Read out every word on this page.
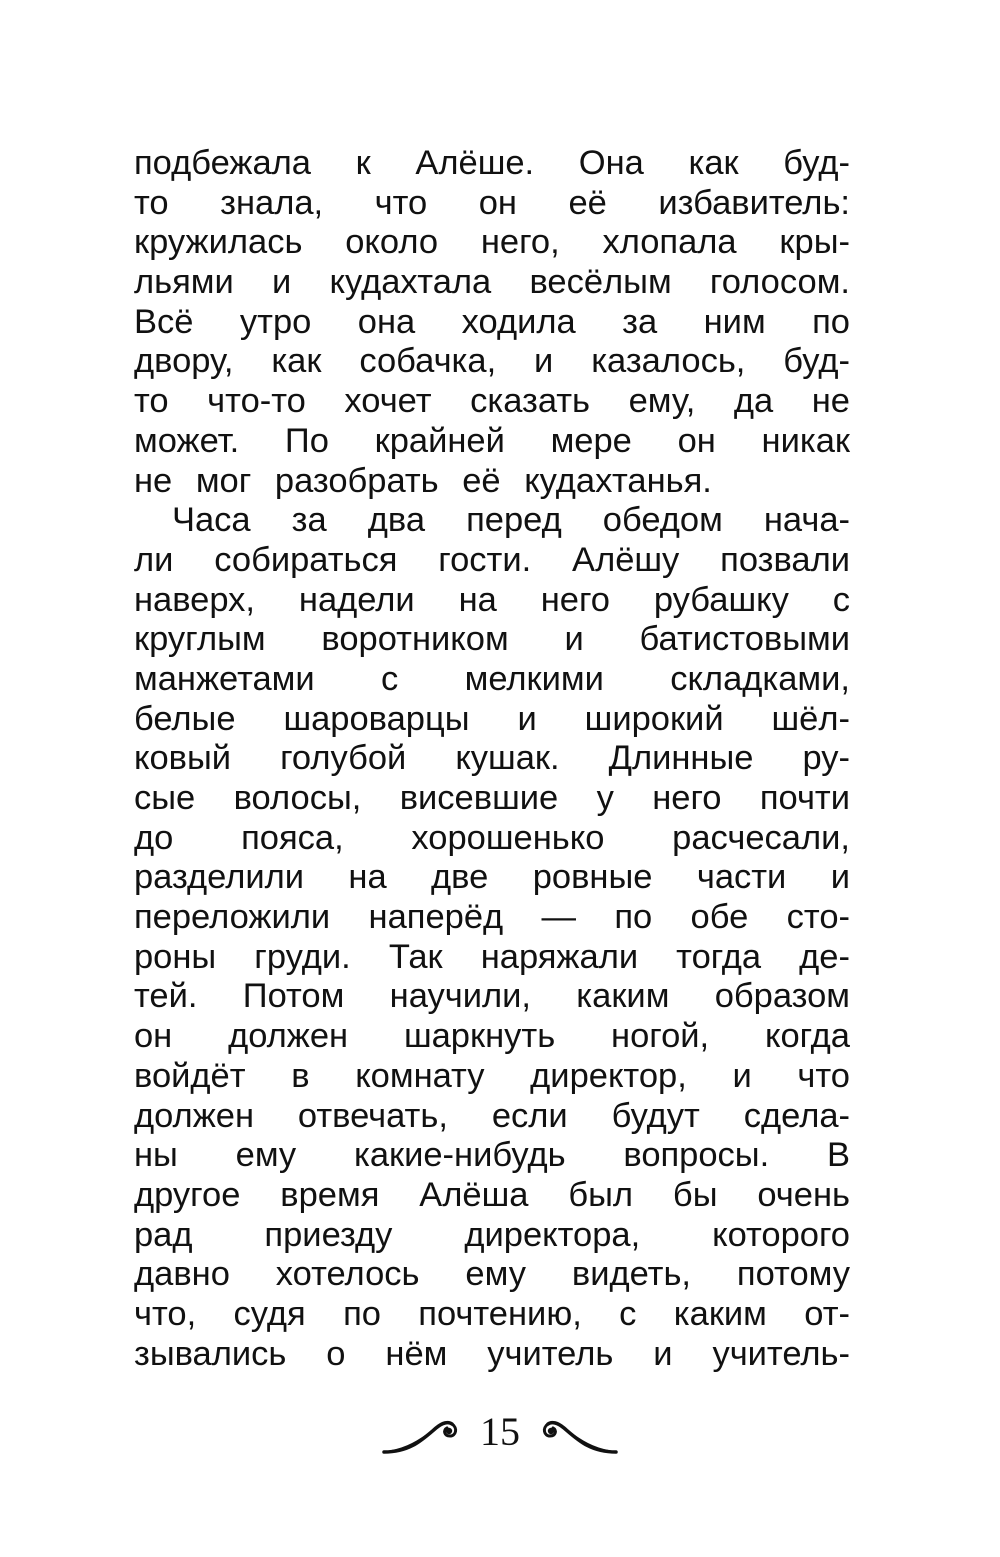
подбежала к Алёше. Она как буд-
то знала, что он её избавитель:
кружилась около него, хлопала кры-
льями и кудахтала весёлым голосом.
Всё утро она ходила за ним по
двору, как собачка, и казалось, буд-
то что-то хочет сказать ему, да не
может. По крайней мере он никак
не мог разобрать её кудахтанья.
Часа за два перед обедом нача-
ли собираться гости. Алёшу позвали
наверх, надели на него рубашку с
круглым воротником и батистовыми
манжетами с мелкими складками,
белые шароварцы и широкий шёл-
ковый голубой кушак. Длинные ру-
сые волосы, висевшие у него почти
до пояса, хорошенько расчесали,
разделили на две ровные части и
переложили наперёд — по обе сто-
роны груди. Так наряжали тогда де-
тей. Потом научили, каким образом
он должен шаркнуть ногой, когда
войдёт в комнату директор, и что
должен отвечать, если будут сдела-
ны ему какие-нибудь вопросы. В
другое время Алёша был бы очень
рад приезду директора, которого
давно хотелось ему видеть, потому
что, судя по почтению, с каким от-
зывались о нём учитель и учитель-
15
